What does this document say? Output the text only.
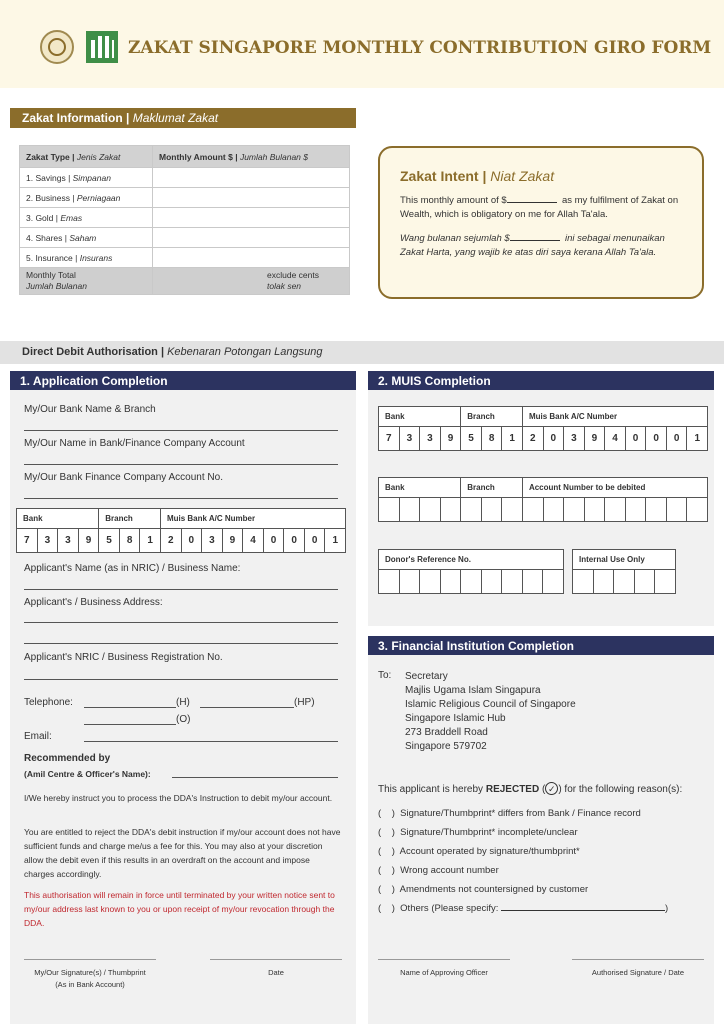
ZAKAT SINGAPORE MONTHLY CONTRIBUTION GIRO FORM
Zakat Information | Maklumat Zakat
Zakat Type | Jenis Zakat	Monthly Amount $ | Jumlah Bulanan $
1. Savings | Simpanan	
2. Business | Perniagaan	
3. Gold | Emas	
4. Shares | Saham	
5. Insurance | Insurans	
Monthly Total
Jumlah Bulanan	exclude cents
tolak sen
Zakat Intent | Niat Zakat

This monthly amount of $	as my fulfilment of Zakat on Wealth, which is obligatory on me for Allah Ta'ala.

Wang bulanan sejumlah $	ini sebagai menunaikan Zakat Harta, yang wajib ke atas diri saya kerana Allah Ta'ala.

Direct Debit Authorisation | Kebenaran Potongan Langsung
1. Application Completion
My/Our Bank Name & Branch
My/Our Name in Bank/Finance Company Account
My/Our Bank Finance Company Account No.
Bank				Branch			Muis Bank A/C Number								
7	3	3	9	5	8	1	2	0	3	9	4	0	0	0	1
Applicant's Name (as in NRIC) / Business Name:
Applicant's / Business Address:
Applicant's NRIC / Business Registration No.
Telephone:	(H)	(HP)
(O)
Email:
Recommended by
(Amil Centre & Officer's Name):
I/We hereby instruct you to process the DDA's Instruction to debit my/our account.
You are entitled to reject the DDA's debit instruction if my/our account does not have sufficient funds and charge me/us a fee for this. You may also at your discretion allow the debit even if this results in an overdraft on the account and impose charges accordingly.
This authorisation will remain in force until terminated by your written notice sent to my/our address last known to you or upon receipt of my/our revocation through the DDA.
My/Our Signature(s) / Thumbprint
(As in Bank Account)
Date
2. MUIS Completion
Bank				Branch			Muis Bank A/C Number								
7	3	3	9	5	8	1	2	0	3	9	4	0	0	0	1
Bank				Branch			Account Number to be debited								

Donor's Reference No.
									Internal Use Only

3. Financial Institution Completion
To: Secretary
Majlis Ugama Islam Singapura
Islamic Religious Council of Singapore
Singapore Islamic Hub
273 Braddell Road
Singapore 579702
This applicant is hereby REJECTED ( ✓ ) for the following reason(s):
(    )  Signature/Thumbprint* differs from Bank / Finance record
(    )  Signature/Thumbprint* incomplete/unclear
(    )  Account operated by signature/thumbprint*
(    )  Wrong account number
(    )  Amendments not countersigned by customer
(    )  Others (Please specify:	)
Name of Approving Officer	Authorised Signature / Date
